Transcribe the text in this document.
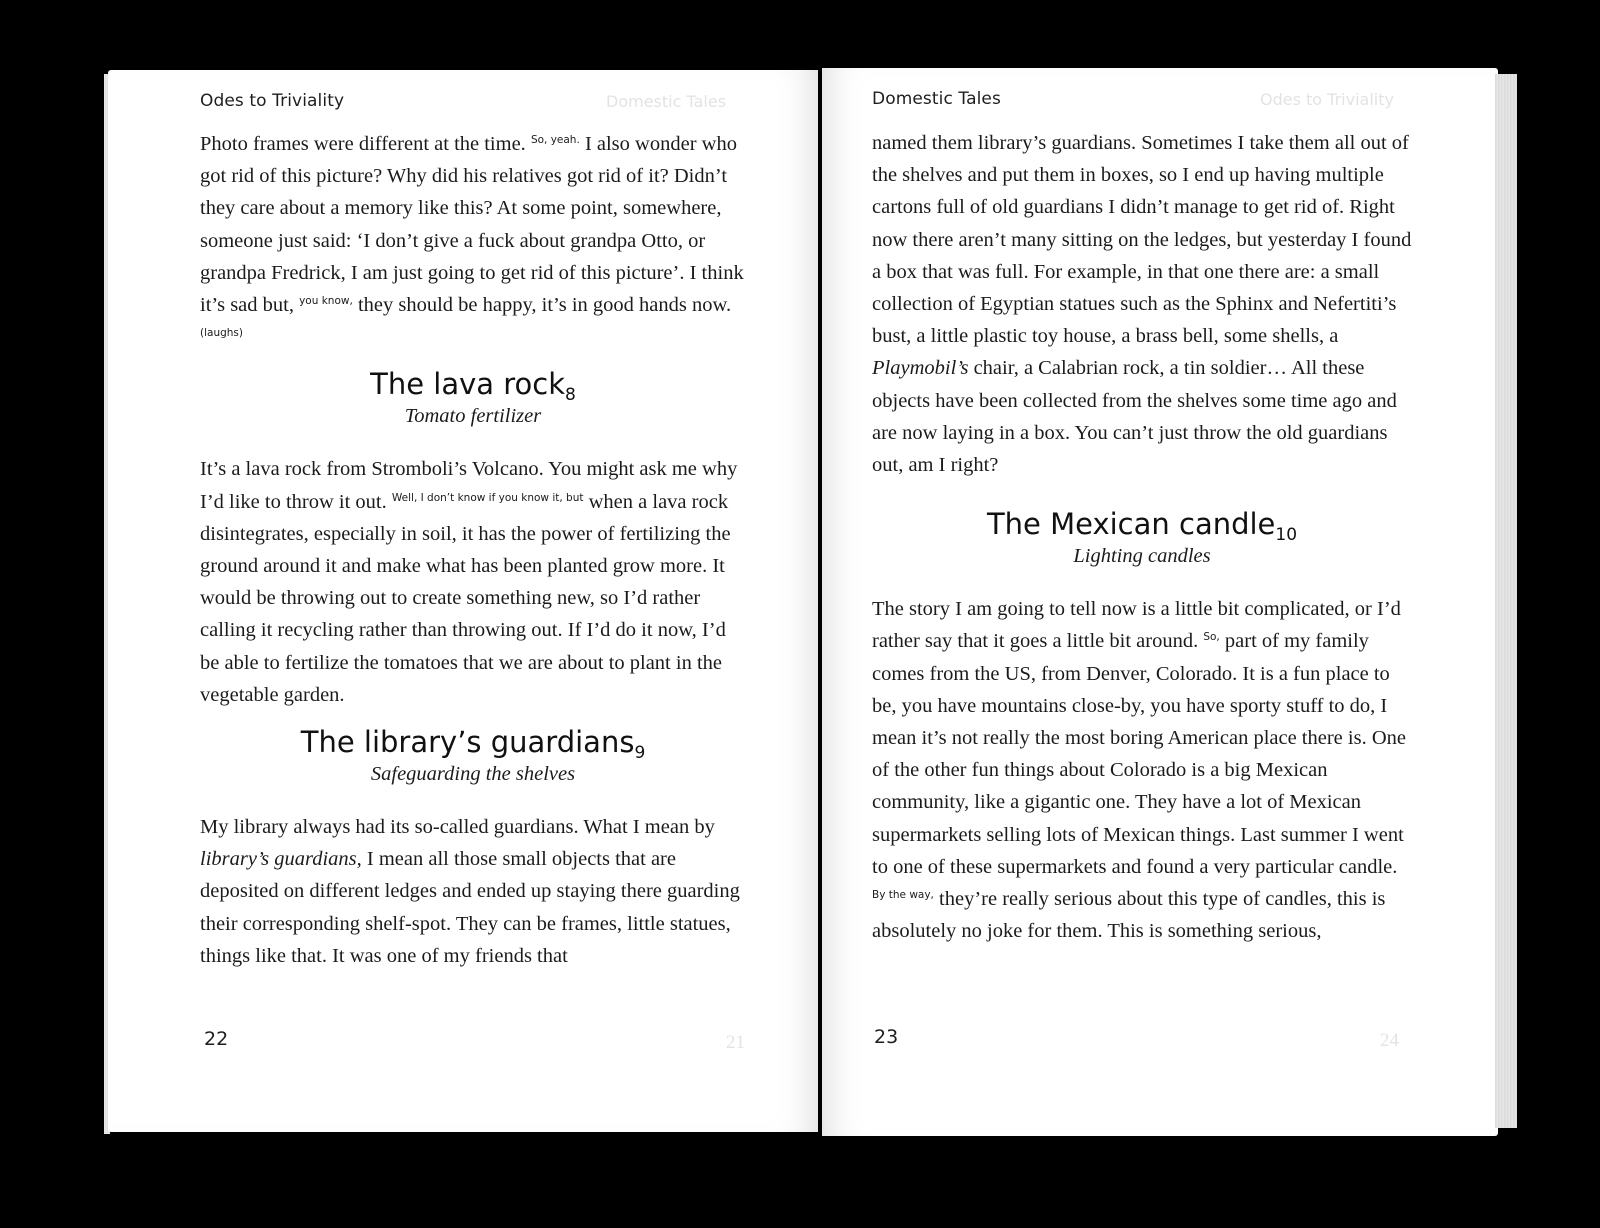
Domestic Tales
21
Odes to Triviality

Photo frames were different at the time. $^{So, yeah.}$ I also wonder who got rid of this picture? Why did his relatives got rid of it? Didn’t they care about a memory like this? At some point, somewhere, someone just said: ‘I don’t give a fuck about grandpa Otto, or grandpa Fredrick, I am just going to get rid of this picture’. I think it’s sad but, $^{you know,}$ they should be happy, it’s in good hands now. $^{(laughs)}$

The lava rock$_8$
Tomato fertilizer

It’s a lava rock from Stromboli’s Volcano. You might ask me why I’d like to throw it out. $^{Well, I don’t know if you know it, but}$ when a lava rock disintegrates, especially in soil, it has the power of fertilizing the ground around it and make what has been planted grow more. It would be throwing out to create something new, so I’d rather calling it recycling rather than throwing out. If I’d do it now, I’d be able to fertilize the tomatoes that we are about to plant in the vegetable garden.

The library’s guardians$_9$
Safeguarding the shelves

My library always had its so-called guardians. What I mean by library’s guardians, I mean all those small objects that are deposited on different ledges and ended up staying there guarding their corresponding shelf-spot. They can be frames, little statues, things like that. It was one of my friends that

22
Odes to Triviality
24
Domestic Tales

named them library’s guardians. Sometimes I take them all out of the shelves and put them in boxes, so I end up having multiple cartons full of old guardians I didn’t manage to get rid of. Right now there aren’t many sitting on the ledges, but yesterday I found a box that was full. For example, in that one there are: a small collection of Egyptian statues such as the Sphinx and Nefertiti’s bust, a little plastic toy house, a brass bell, some shells, a Playmobil’s chair, a Calabrian rock, a tin soldier… All these objects have been collected from the shelves some time ago and are now laying in a box. You can’t just throw the old guardians out, am I right?

The Mexican candle$_{10}$
Lighting candles

The story I am going to tell now is a little bit complicated, or I’d rather say that it goes a little bit around. $^{So,}$ part of my family comes from the US, from Denver, Colorado. It is a fun place to be, you have mountains close-by, you have sporty stuff to do, I mean it’s not really the most boring American place there is. One of the other fun things about Colorado is a big Mexican community, like a gigantic one. They have a lot of Mexican supermarkets selling lots of Mexican things. Last summer I went to one of these supermarkets and found a very particular candle. $^{By the way,}$ they’re really serious about this type of candles, this is absolutely no joke for them. This is something serious,

23
